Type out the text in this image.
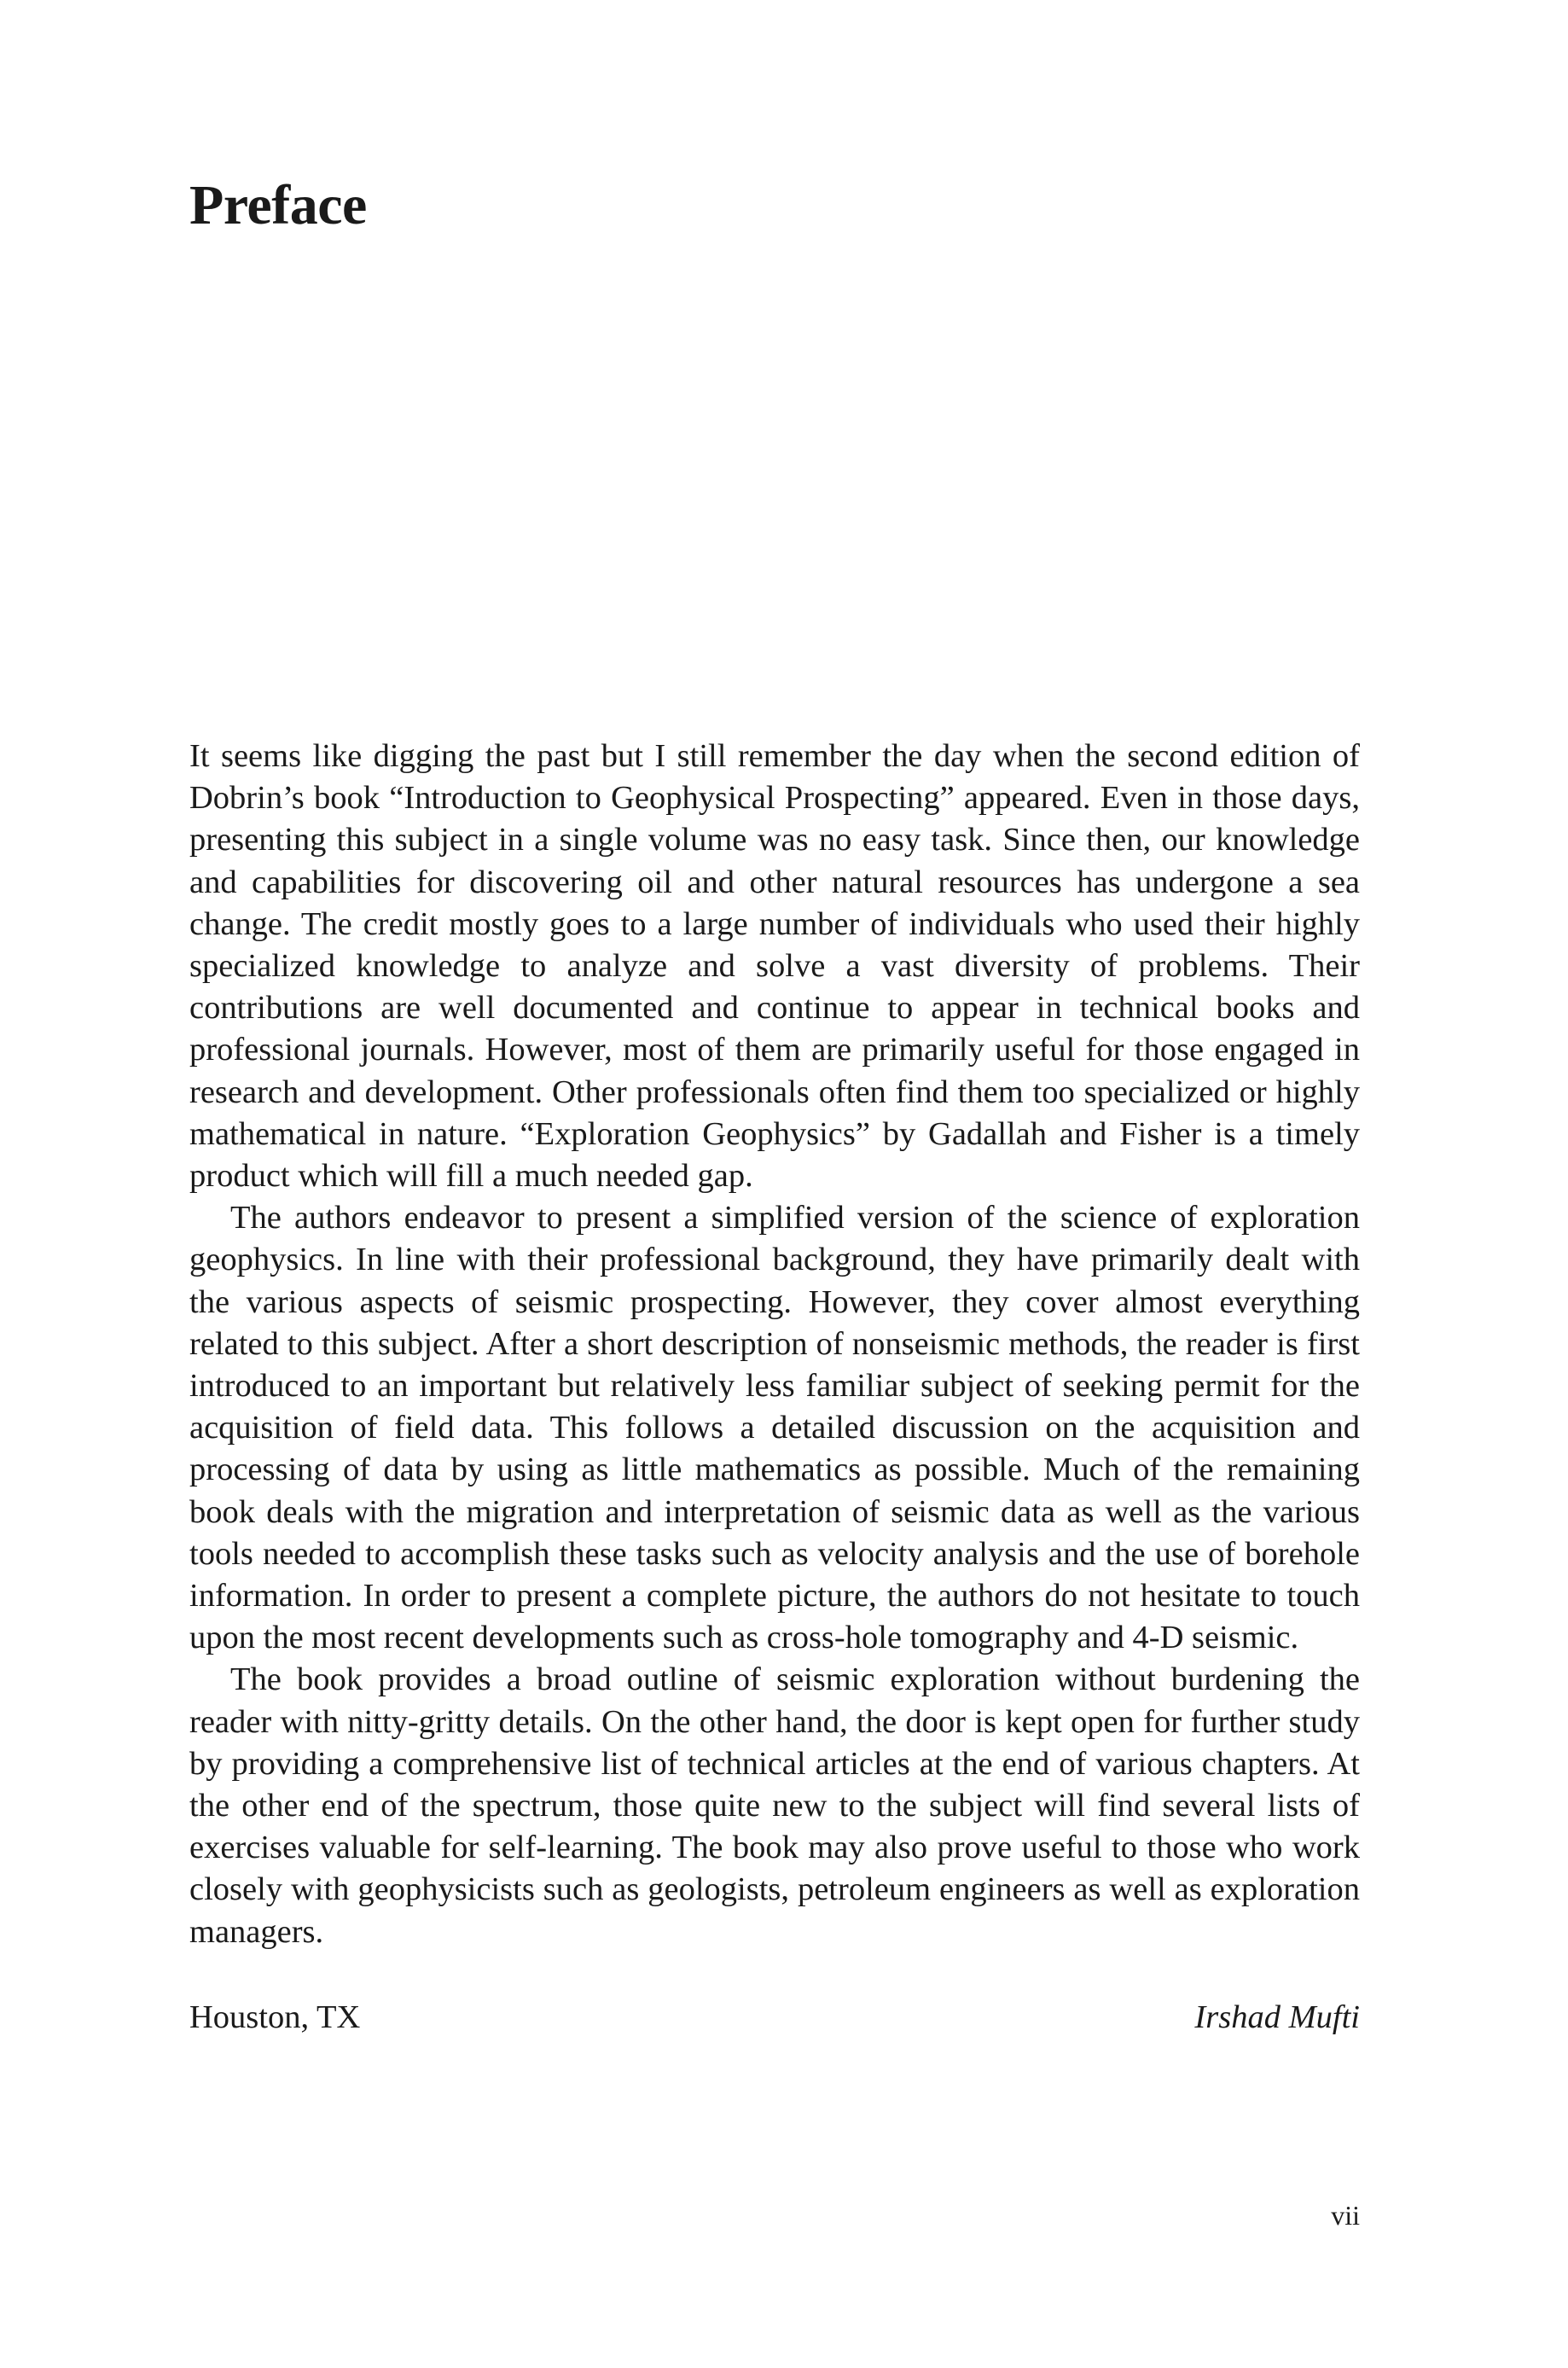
Preface

It seems like digging the past but I still remember the day when the second edition of Dobrin’s book “Introduction to Geophysical Prospecting” appeared. Even in those days, presenting this subject in a single volume was no easy task. Since then, our knowledge and capabilities for discovering oil and other natural resources has undergone a sea change. The credit mostly goes to a large number of individuals who used their highly specialized knowledge to analyze and solve a vast diversity of problems. Their contributions are well documented and continue to appear in technical books and professional journals. However, most of them are primarily useful for those engaged in research and development. Other professionals often find them too specialized or highly mathematical in nature. “Exploration Geophysics” by Gadallah and Fisher is a timely product which will fill a much needed gap.

The authors endeavor to present a simplified version of the science of exploration geophysics. In line with their professional background, they have primarily dealt with the various aspects of seismic prospecting. However, they cover almost everything related to this subject. After a short description of nonseismic methods, the reader is first introduced to an important but relatively less familiar subject of seeking permit for the acquisition of field data. This follows a detailed discussion on the acquisition and processing of data by using as little mathematics as possible. Much of the remaining book deals with the migration and interpretation of seismic data as well as the various tools needed to accomplish these tasks such as velocity analysis and the use of borehole information. In order to present a complete picture, the authors do not hesitate to touch upon the most recent developments such as cross-hole tomography and 4-D seismic.

The book provides a broad outline of seismic exploration without burdening the reader with nitty-gritty details. On the other hand, the door is kept open for further study by providing a comprehensive list of technical articles at the end of various chapters. At the other end of the spectrum, those quite new to the subject will find several lists of exercises valuable for self-learning. The book may also prove useful to those who work closely with geophysicists such as geologists, petroleum engineers as well as exploration managers.

Houston, TX	Irshad Mufti
vii
